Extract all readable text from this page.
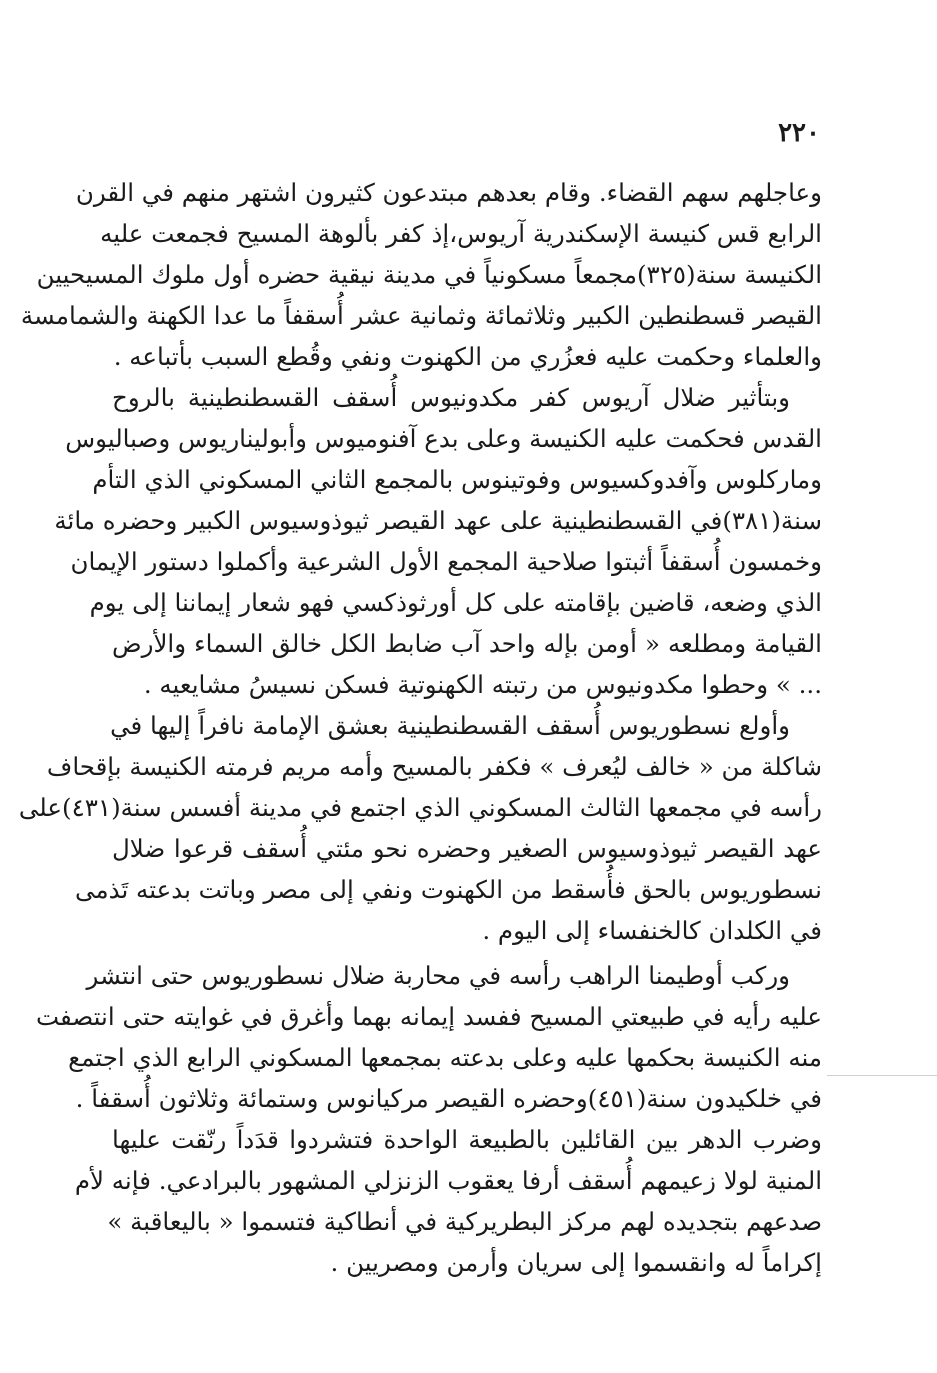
٢٢٠
وعاجلهم سهم القضاء. وقام بعدهم مبتدعون كثيرون اشتهر منهم في القرن
الرابع قس كنيسة الإسكندرية آريوس،إذ كفر بألوهة المسيح فجمعت عليه
الكنيسة سنة(٣٢٥)مجمعاً مسكونياً في مدينة نيقية حضره أول ملوك المسيحيين
القيصر قسطنطين الكبير وثلاثمائة وثمانية عشر أُسقفاً ما عدا الكهنة والشمامسة
والعلماء وحكمت عليه فعزُري من الكهنوت ونفي وقُطع السبب بأتباعه .
وبتأثير ضلال آريوس كفر مكدونيوس أُسقف القسطنطينية بالروح
القدس فحكمت عليه الكنيسة وعلى بدع آفنوميوس وأبوليناريوس وصباليوس
وماركلوس وآفدوكسيوس وفوتينوس بالمجمع الثاني المسكوني الذي التأم
سنة(٣٨١)في القسطنطينية على عهد القيصر ثيوذوسيوس الكبير وحضره مائة
وخمسون أُسقفاً أثبتوا صلاحية المجمع الأول الشرعية وأكملوا دستور الإيمان
الذي وضعه، قاضين بإقامته على كل أورثوذكسي فهو شعار إيماننا إلى يوم
القيامة ومطلعه « أومن بإله واحد آب ضابط الكل خالق السماء والأرض
... » وحطوا مكدونيوس من رتبته الكهنوتية فسكن نسيسُ مشايعيه .
وأولع نسطوريوس أُسقف القسطنطينية بعشق الإمامة نافراً إليها في
شاكلة من « خالف ليُعرف » فكفر بالمسيح وأمه مريم فرمته الكنيسة بإقحاف
رأسه في مجمعها الثالث المسكوني الذي اجتمع في مدينة أفسس سنة(٤٣١)على
عهد القيصر ثيوذوسيوس الصغير وحضره نحو مئتي أُسقف قرعوا ضلال
نسطوريوس بالحق فأُسقط من الكهنوت ونفي إلى مصر وباتت بدعته تَذمى
في الكلدان كالخنفساء إلى اليوم .
وركب أوطيمنا الراهب رأسه في محاربة ضلال نسطوريوس حتى انتشر
عليه رأيه في طبيعتي المسيح ففسد إيمانه بهما وأغرق في غوايته حتى انتصفت
منه الكنيسة بحكمها عليه وعلى بدعته بمجمعها المسكوني الرابع الذي اجتمع
في خلكيدون سنة(٤٥١)وحضره القيصر مركيانوس وستمائة وثلاثون أُسقفاً .
وضرب الدهر بين القائلين بالطبيعة الواحدة فتشردوا قدَداً رنّقت عليها
المنية لولا زعيمهم أُسقف أرفا يعقوب الزنزلي المشهور بالبرادعي. فإنه لأم
صدعهم بتجديده لهم مركز البطريركية في أنطاكية فتسموا « باليعاقبة »
إكراماً له وانقسموا إلى سريان وأرمن ومصريين .
